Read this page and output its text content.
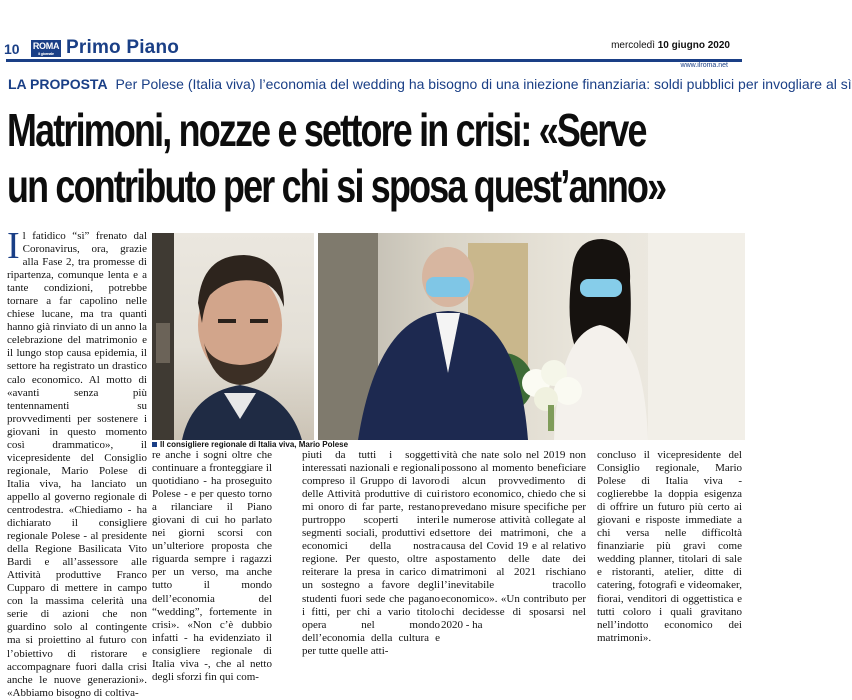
10 ROMA
il giornale Primo Piano	mercoledì 10 giugno 2020
www.ilroma.net
LA PROPOSTA Per Polese (Italia viva) l’economia del wedding ha bisogno di una iniezione finanziaria: soldi pubblici per invogliare al sì
Matrimoni, nozze e settore in crisi: «Serve
un contributo per chi si sposa quest’anno»
Il consigliere regionale di Italia viva, Mario Polese
Il fatidico “sì” frenato dal Coronavirus, ora, grazie alla Fase 2, tra promesse di ripartenza, comunque lenta e a tante condizioni, potrebbe tornare a far capolino nelle chiese lucane, ma tra quanti hanno già rinviato di un anno la celebrazione del matrimonio e il lungo stop causa epidemia, il settore ha registrato un drastico calo economico. Al motto di «avanti senza più tentennamenti su provvedimenti per sostenere i giovani in questo momento così drammatico», il vicepresidente del Consiglio regionale, Mario Polese di Italia viva, ha lanciato un appello al governo regionale di centrodestra. «Chiediamo - ha dichiarato il consigliere regionale Polese - al presidente della Regione Basilicata Vito Bardi e all’assessore alle Attività produttive Franco Cupparo di mettere in campo con la massima celerità una serie di azioni che non guardino solo al contingente ma si proiettino al futuro con l’obiettivo di ristorare e accompagnare fuori dalla crisi anche le nuove generazioni». «Abbiamo bisogno di coltiva-
re anche i sogni oltre che continuare a fronteggiare il quotidiano - ha proseguito Polese - e per questo torno a rilanciare il Piano giovani di cui ho parlato nei giorni scorsi con un’ulteriore proposta che riguarda sempre i ragazzi per un verso, ma anche tutto il mondo dell’economia del “wedding”, fortemente in crisi». «Non c’è dubbio infatti - ha evidenziato il consigliere regionale di Italia viva -, che al netto degli sforzi fin qui com-
piuti da tutti i soggetti interessati nazionali e regionali compreso il Gruppo di lavoro delle Attività produttive di cui mi onoro di far parte, restano purtroppo scoperti interi segmenti sociali, produttivi ed economici della nostra regione. Per questo, oltre a reiterare la presa in carico di un sostegno a favore degli studenti fuori sede che pagano i fitti, per chi a vario titolo opera nel mondo dell’economia della cultura e per tutte quelle atti-
vità che nate solo nel 2019 non possono al momento beneficiare di alcun provvedimento di ristoro economico, chiedo che si prevedano misure specifiche per le numerose attività collegate al settore dei matrimoni, che a causa del Covid 19 e al relativo spostamento delle date dei matrimoni al 2021 rischiano l’inevitabile tracollo economico». «Un contributo per chi decidesse di sposarsi nel 2020 - ha
concluso il vicepresidente del Consiglio regionale, Mario Polese di Italia viva - coglierebbe la doppia esigenza di offrire un futuro più certo ai giovani e risposte immediate a chi versa nelle difficoltà finanziarie più gravi come wedding planner, titolari di sale e ristoranti, atelier, ditte di catering, fotografi e videomaker, fiorai, venditori di oggettistica e tutti coloro i quali gravitano nell’indotto economico dei matrimoni».
